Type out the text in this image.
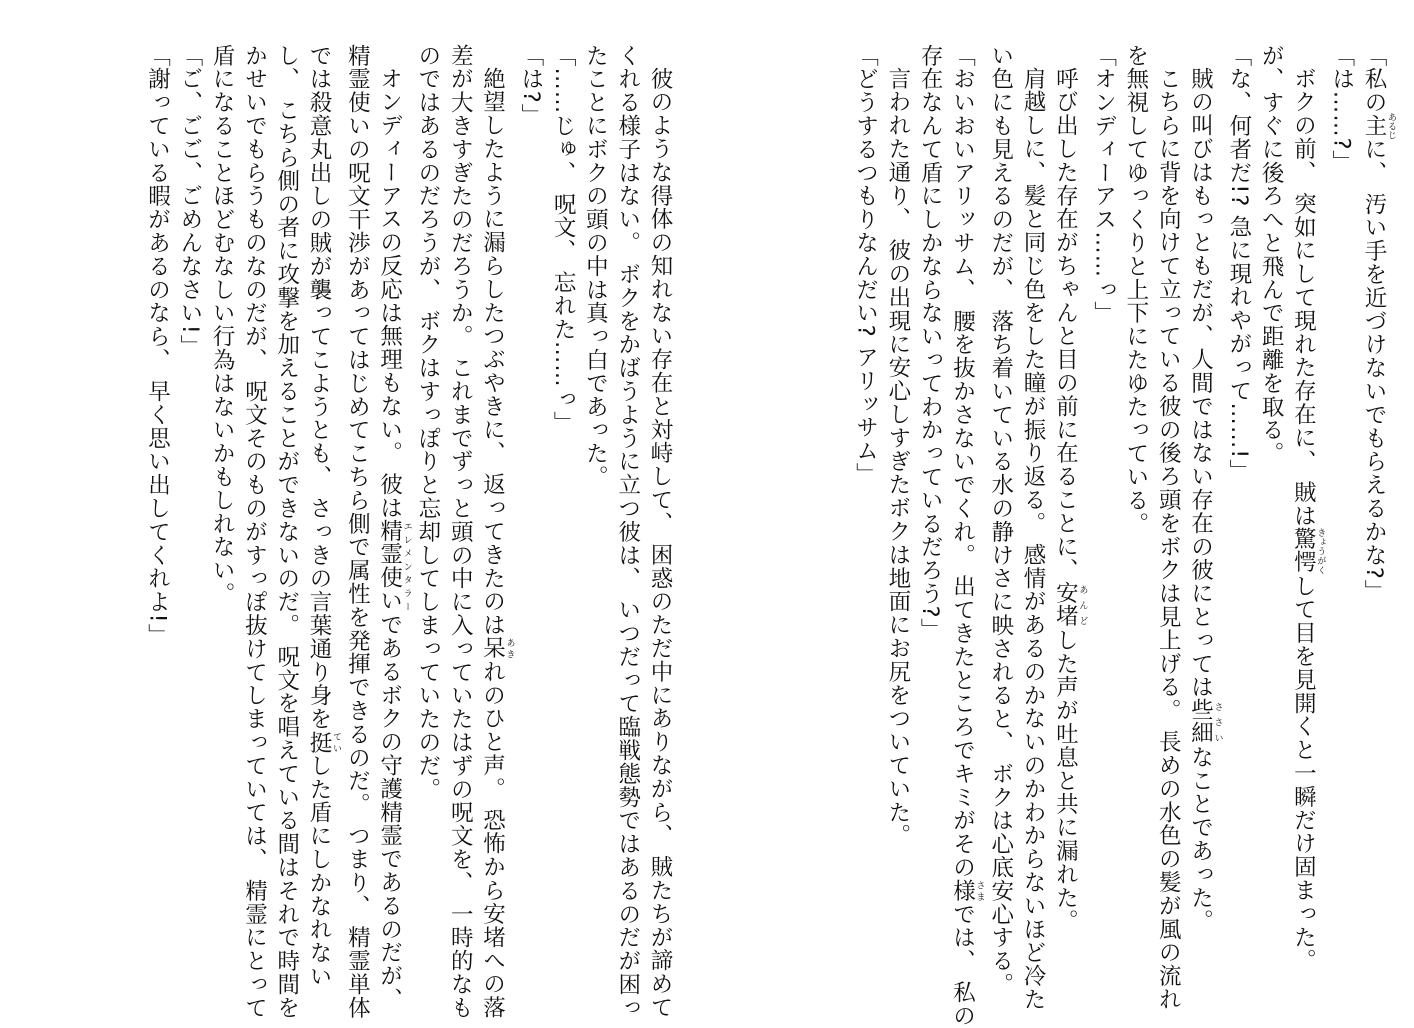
「私の主 あるじに、 汚い手を近づけないでもらえるかな?」

「は……?」

ボクの前、 突如にして現れた存在に、 賊は驚愕 きょうがくして目を見開くと一瞬だけ固まった。

が、すぐに後ろへと飛んで距離を取る。

「な、何者だ!? 急に現れやがって……!」

賊の叫びはもっともだが、人間ではない存在の彼にとっては些細 ささいなことであった。

こちらに背を向けて立っている彼の後ろ頭をボクは見上げる。 長めの水色の髪が風の流れ

を無視してゆっくりと上下にたゆたっている。

「オンディーアス……っ」

呼び出した存在がちゃんと目の前に在ることに、安堵 あんどした声が吐息と共に漏れた。

肩越しに、髪と同じ色をした瞳が振り返る。 感情があるのかないのかわからないほど冷た

い色にも見えるのだが、 落ち着いている水の静けさに映されると、 ボクは心底安心する。

「おいおいアリッサム、 腰を抜かさないでくれ。 出てきたところでキミがその様 さまでは、 私の

存在なんて盾にしかならないってわかっているだろう?」

言われた通り、 彼の出現に安心しすぎたボクは地面にお尻をついていた。

「どうするつもりなんだい? アリッサム」

彼のような得体の知れない存在と対峙して、 困惑のただ中にありながら、 賊たちが諦めて

くれる様子はない。 ボクをかばうように立つ彼は、 いつだって臨戦態勢ではあるのだが困っ

たことにボクの頭の中は真っ白であった。

「……じゅ、 呪文、 忘れた……っ」

「は?」

絶望したように漏らしたつぶやきに、 返ってきたのは呆 あきれのひと声。 恐怖から安堵への落

差が大きすぎたのだろうか。 これまでずっと頭の中に入っていたはずの呪文を、 一時的なも

のではあるのだろうが、 ボクはすっぽりと忘却してしまっていたのだ。

オンディーアスの反応は無理もない。 彼は精霊使い エレメンタラーであるボクの守護精霊であるのだが、

精霊使いの呪文干渉があってはじめてこちら側で属性を発揮できるのだ。 つまり、 精霊単体

では殺意丸出しの賊が襲ってこようとも、 さっきの言葉通り身を挺 ていした盾にしかなれない

し、 こちら側の者に攻撃を加えることができないのだ。 呪文を唱えている間はそれで時間を

かせいでもらうものなのだが、 呪文そのものがすっぽ抜けてしまっていては、 精霊にとって

盾になることほどむなしい行為はないかもしれない。

「ご、ごご、ごめんなさい!」

「謝っている暇があるのなら、 早く思い出してくれよ!」
